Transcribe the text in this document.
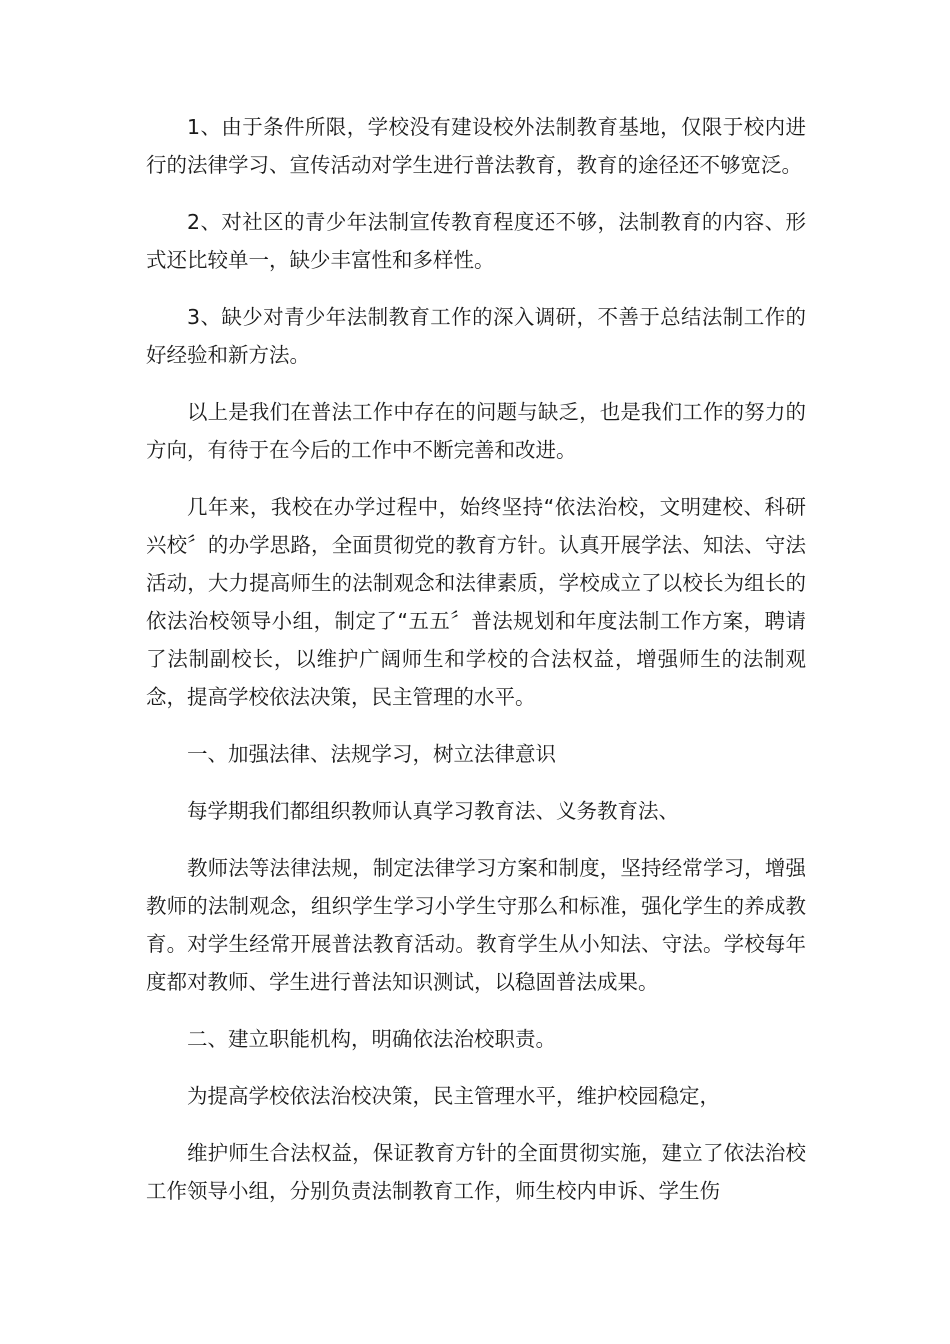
1、由于条件所限，学校没有建设校外法制教育基地，仅限于校内进行的法律学习、宣传活动对学生进行普法教育，教育的途径还不够宽泛。

2、对社区的青少年法制宣传教育程度还不够，法制教育的内容、形式还比较单一，缺少丰富性和多样性。

3、缺少对青少年法制教育工作的深入调研，不善于总结法制工作的好经验和新方法。

以上是我们在普法工作中存在的问题与缺乏，也是我们工作的努力的方向，有待于在今后的工作中不断完善和改进。

几年来，我校在办学过程中，始终坚持“依法治校，文明建校、科研兴校〞的办学思路，全面贯彻党的教育方针。认真开展学法、知法、守法活动，大力提高师生的法制观念和法律素质，学校成立了以校长为组长的依法治校领导小组，制定了“五五〞普法规划和年度法制工作方案，聘请了法制副校长，以维护广阔师生和学校的合法权益，增强师生的法制观念，提高学校依法决策，民主管理的水平。

一、加强法律、法规学习，树立法律意识

每学期我们都组织教师认真学习教育法、义务教育法、

教师法等法律法规，制定法律学习方案和制度，坚持经常学习，增强教师的法制观念，组织学生学习小学生守那么和标准，强化学生的养成教育。对学生经常开展普法教育活动。教育学生从小知法、守法。学校每年度都对教师、学生进行普法知识测试，以稳固普法成果。

二、建立职能机构，明确依法治校职责。

为提高学校依法治校决策，民主管理水平，维护校园稳定，

维护师生合法权益，保证教育方针的全面贯彻实施，建立了依法治校工作领导小组，分别负责法制教育工作，师生校内申诉、学生伤
